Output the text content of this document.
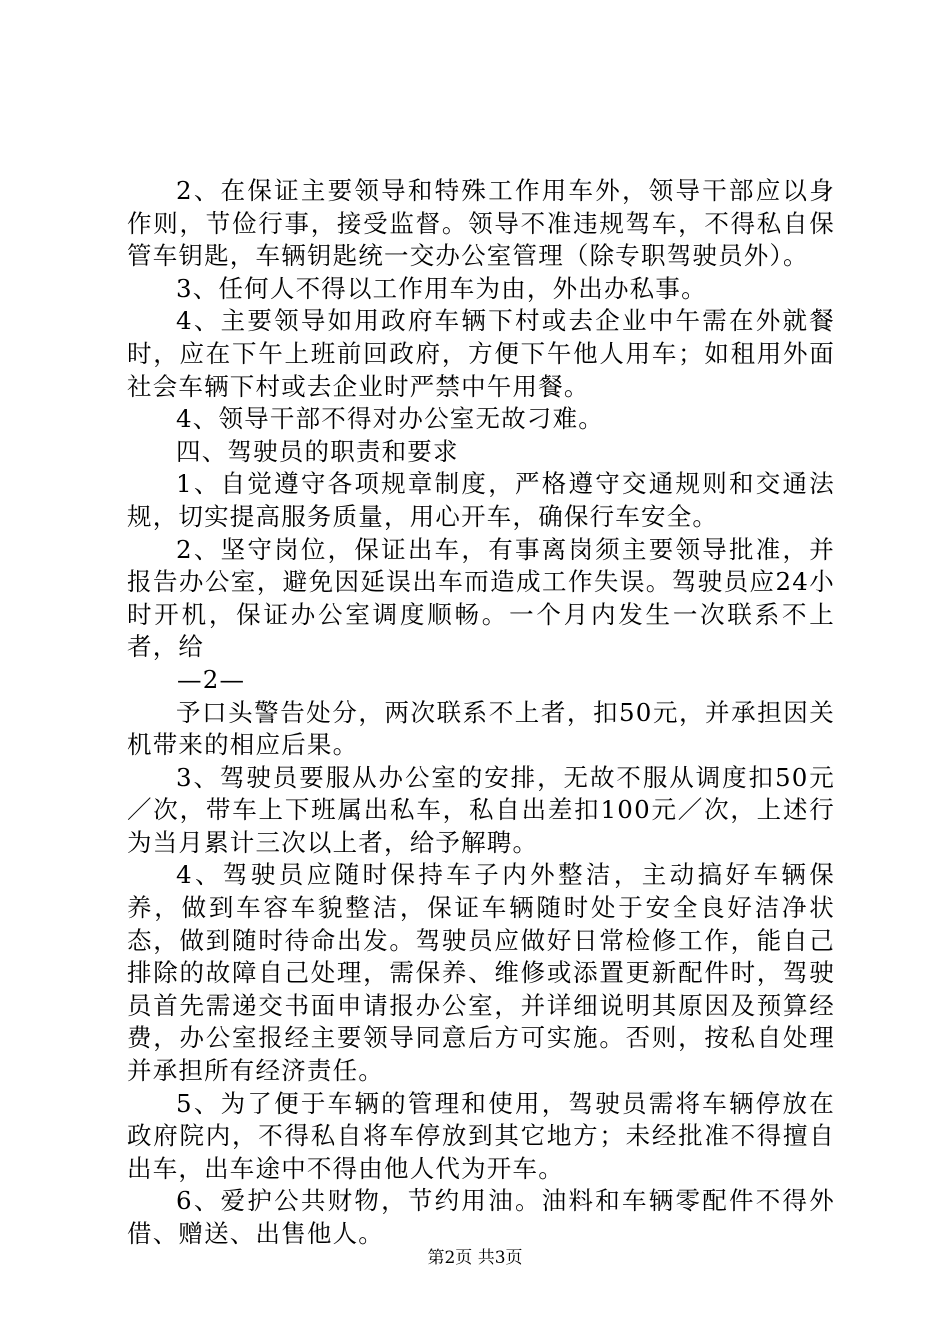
2、在保证主要领导和特殊工作用车外，领导干部应以身作则，节俭行事，接受监督。领导不准违规驾车，不得私自保管车钥匙，车辆钥匙统一交办公室管理（除专职驾驶员外）。

3、任何人不得以工作用车为由，外出办私事。

4、主要领导如用政府车辆下村或去企业中午需在外就餐时，应在下午上班前回政府，方便下午他人用车；如租用外面社会车辆下村或去企业时严禁中午用餐。

4、领导干部不得对办公室无故刁难。

四、驾驶员的职责和要求

1、自觉遵守各项规章制度，严格遵守交通规则和交通法规，切实提高服务质量，用心开车，确保行车安全。

2、坚守岗位，保证出车，有事离岗须主要领导批准，并报告办公室，避免因延误出车而造成工作失误。驾驶员应24小时开机，保证办公室调度顺畅。一个月内发生一次联系不上者，给

—2—

予口头警告处分，两次联系不上者，扣50元，并承担因关机带来的相应后果。

3、驾驶员要服从办公室的安排，无故不服从调度扣50元／次，带车上下班属出私车，私自出差扣100元／次，上述行为当月累计三次以上者，给予解聘。

4、驾驶员应随时保持车子内外整洁，主动搞好车辆保养，做到车容车貌整洁，保证车辆随时处于安全良好洁净状态，做到随时待命出发。驾驶员应做好日常检修工作，能自己排除的故障自己处理，需保养、维修或添置更新配件时，驾驶员首先需递交书面申请报办公室，并详细说明其原因及预算经费，办公室报经主要领导同意后方可实施。否则，按私自处理并承担所有经济责任。

5、为了便于车辆的管理和使用，驾驶员需将车辆停放在政府院内，不得私自将车停放到其它地方；未经批准不得擅自出车，出车途中不得由他人代为开车。

6、爱护公共财物，节约用油。油料和车辆零配件不得外借、赠送、出售他人。

第2页 共3页
